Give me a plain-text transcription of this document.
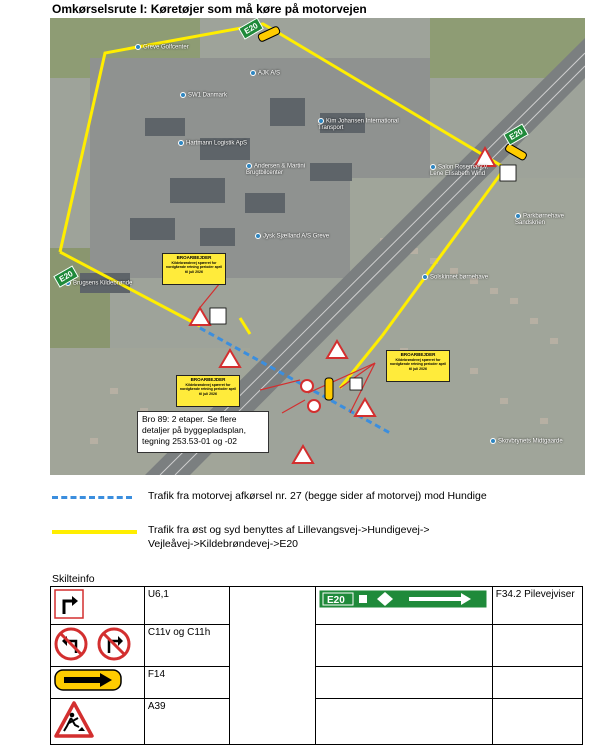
Omkørselsrute I: Køretøjer som må køre på motorvejen
Greve Golfcenter
AJK A/S
SW1 Danmark
Hartmann Logistik ApS
Kim Johansen International Transport
Andersen & Martini Brugtbilcenter
Salon Rosemary v. Lene Elisabeth Wind
Parkbørnehave Sandskrien
Jysk Sjælland A/S Greve
Brugsens Kildebrønde
Solskinnet børnehave
Skovbrynets Midtgaarde
E20
E20
E20
BROARBEJDER
Kildebrøndevej spærret for nordgående retning perioder april til juli 2026
BROARBEJDER
Kildebrøndevej spærret for nordgående retning perioder april til juli 2026
BROARBEJDER
Kildebrøndevej spærret for nordgående retning perioder april til juli 2026
Bro 89: 2 etaper. Se flere detaljer på byggepladsplan, tegning 253.53-01 og -02
Trafik fra motorvej afkørsel nr. 27 (begge sider af motorvej) mod Hundige
Trafik fra øst og syd benyttes af Lillevangsvej->Hundigevej->
Vejleåvej->Kildebrøndevej->E20
Skilteinfo
	U6,1		E20	F34.2 Pilevejviser
	C11v og C11h			
	F14			
	A39			
